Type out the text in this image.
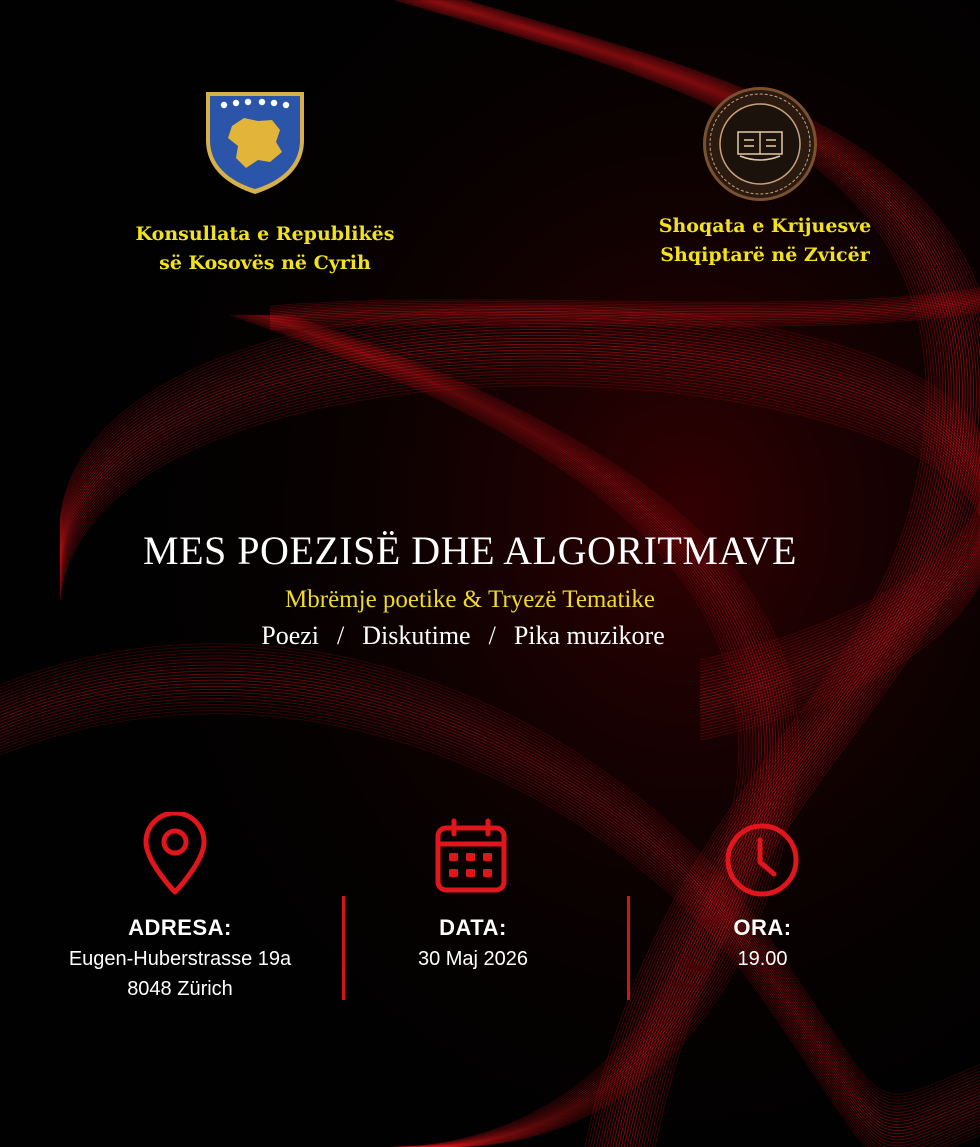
Konsullata e Republikës
së Kosovës në Cyrih
Shoqata e Krijuesve
Shqiptarë në Zvicër
MES POEZISË DHE ALGORITMAVE
Mbrëmje poetike & Tryezë Tematike
Poezi / Diskutime / Pika muzikore
ADRESA:
Eugen-Huberstrasse 19a
8048 Zürich
DATA:
30 Maj 2026
ORA:
19.00
